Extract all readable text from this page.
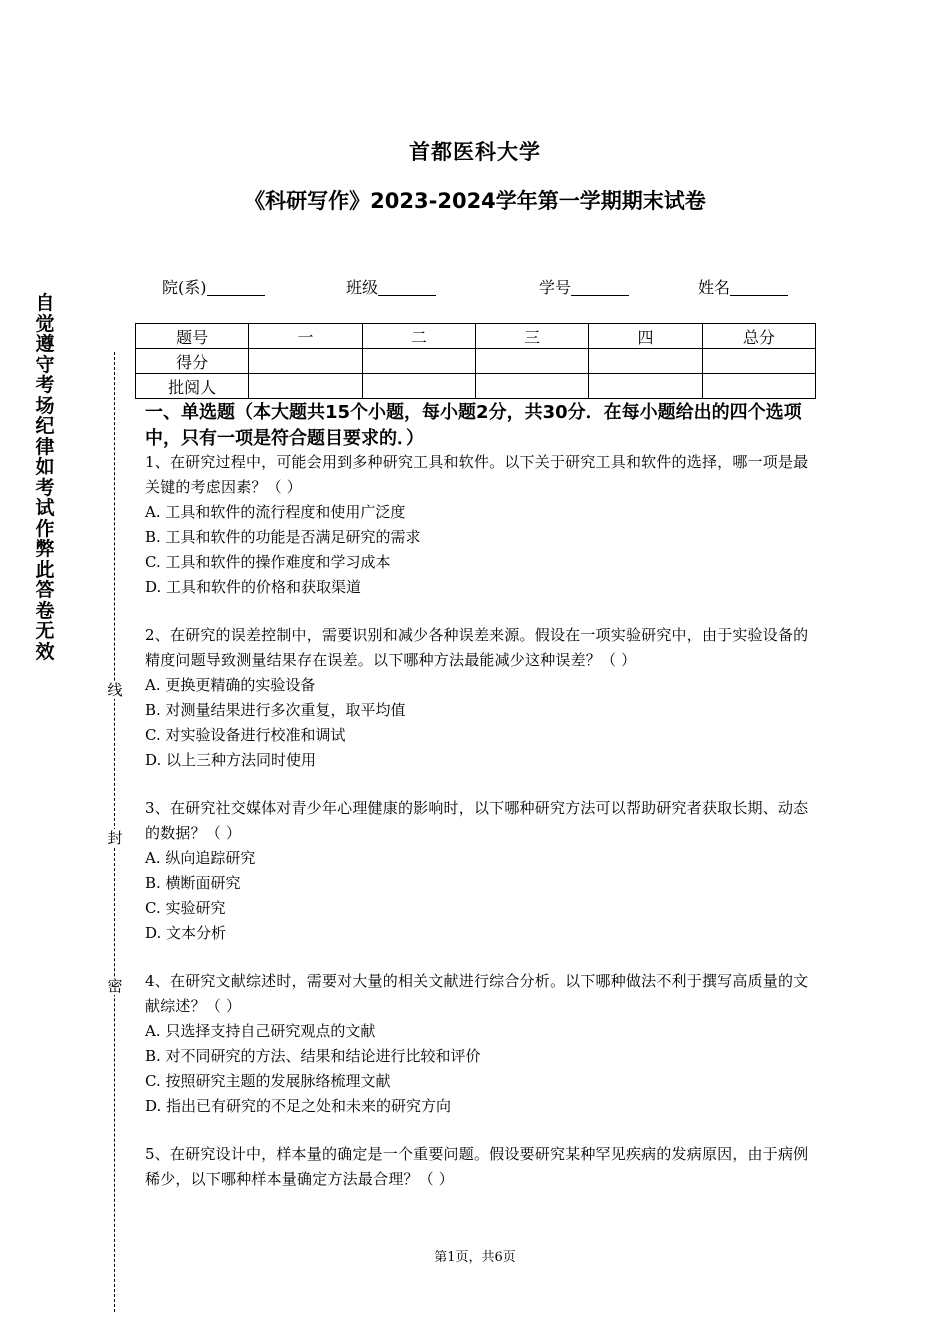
首都医科大学
《科研写作》2023-2024学年第一学期期末试卷
院(系)	班级	学号	姓名
题号	一	二	三	四	总分
得分					
批阅人					
一、单选题（本大题共15个小题，每小题2分，共30分．在每小题给出的四个选项中，只有一项是符合题目要求的．）
1、在研究过程中，可能会用到多种研究工具和软件。以下关于研究工具和软件的选择，哪一项是最关键的考虑因素？（ ）
A. 工具和软件的流行程度和使用广泛度
B. 工具和软件的功能是否满足研究的需求
C. 工具和软件的操作难度和学习成本
D. 工具和软件的价格和获取渠道
2、在研究的误差控制中，需要识别和减少各种误差来源。假设在一项实验研究中，由于实验设备的精度问题导致测量结果存在误差。以下哪种方法最能减少这种误差？（ ）
A. 更换更精确的实验设备
B. 对测量结果进行多次重复，取平均值
C. 对实验设备进行校准和调试
D. 以上三种方法同时使用
3、在研究社交媒体对青少年心理健康的影响时，以下哪种研究方法可以帮助研究者获取长期、动态的数据？（ ）
A. 纵向追踪研究
B. 横断面研究
C. 实验研究
D. 文本分析
4、在研究文献综述时，需要对大量的相关文献进行综合分析。以下哪种做法不利于撰写高质量的文献综述？（ ）
A. 只选择支持自己研究观点的文献
B. 对不同研究的方法、结果和结论进行比较和评价
C. 按照研究主题的发展脉络梳理文献
D. 指出已有研究的不足之处和未来的研究方向
5、在研究设计中，样本量的确定是一个重要问题。假设要研究某种罕见疾病的发病原因，由于病例稀少，以下哪种样本量确定方法最合理？（ ）
自
觉
遵
守
考
场
纪
律
如
考
试
作
弊
此
答
卷
无
效
线
封
密
第1页，共6页
